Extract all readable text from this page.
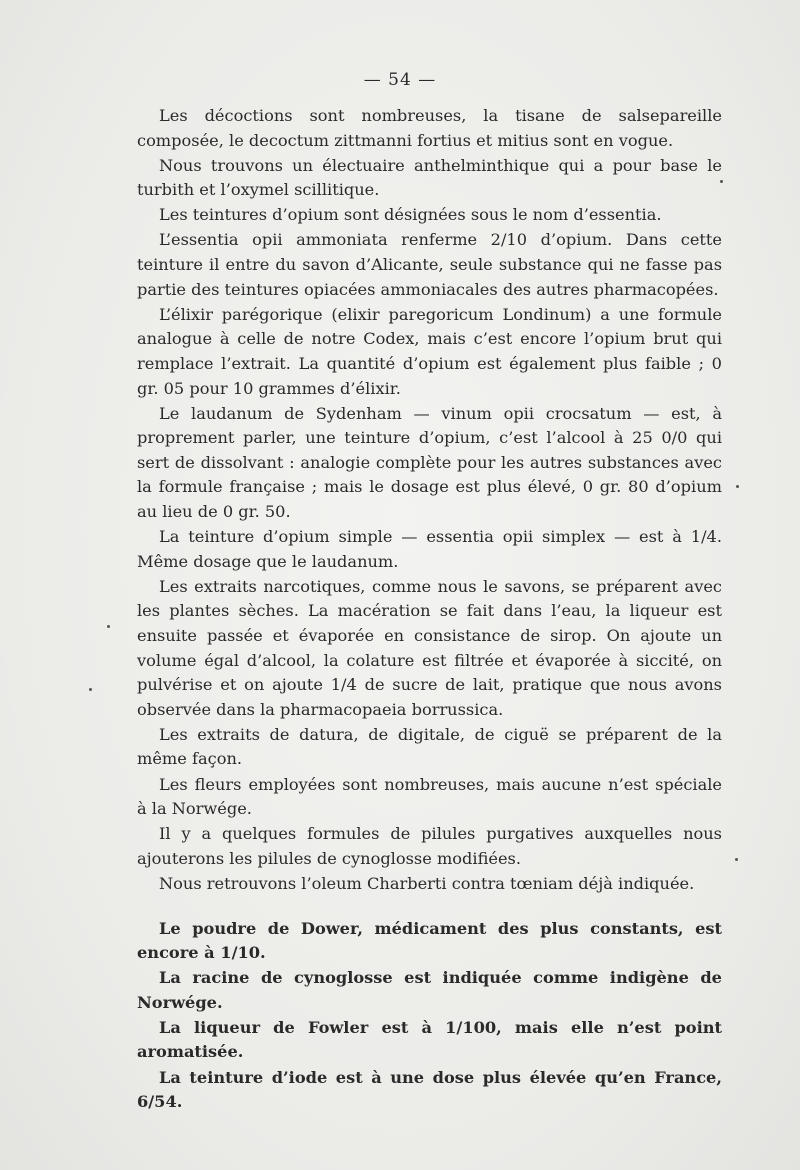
— 54 —

Les décoctions sont nombreuses, la tisane de salsepareille composée, le decoctum zittmanni fortius et mitius sont en vogue.

Nous trouvons un électuaire anthelminthique qui a pour base le turbith et l’oxymel scillitique.

Les teintures d’opium sont désignées sous le nom d’essentia.

L’essentia opii ammoniata renferme 2/10 d’opium. Dans cette teinture il entre du savon d’Alicante, seule substance qui ne fasse pas partie des teintures opiacées ammoniacales des autres pharmacopées.

L’élixir parégorique (elixir paregoricum Londinum) a une formule analogue à celle de notre Codex, mais c’est encore l’opium brut qui remplace l’extrait. La quantité d’opium est également plus faible ; 0 gr. 05 pour 10 grammes d’élixir.

Le laudanum de Sydenham — vinum opii crocsatum — est, à proprement parler, une teinture d’opium, c’est l’alcool à 25 0/0 qui sert de dissolvant : analogie complète pour les autres substances avec la formule française ; mais le dosage est plus élevé, 0 gr. 80 d’opium au lieu de 0 gr. 50.

La teinture d’opium simple — essentia opii simplex — est à 1/4. Même dosage que le laudanum.

Les extraits narcotiques, comme nous le savons, se préparent avec les plantes sèches. La macération se fait dans l’eau, la liqueur est ensuite passée et évaporée en consistance de sirop. On ajoute un volume égal d’alcool, la colature est filtrée et évaporée à siccité, on pulvérise et on ajoute 1/4 de sucre de lait, pratique que nous avons observée dans la pharmacopaeia borrussica.

Les extraits de datura, de digitale, de ciguë se préparent de la même façon.

Les fleurs employées sont nombreuses, mais aucune n’est spéciale à la Norwége.

Il y a quelques formules de pilules purgatives auxquelles nous ajouterons les pilules de cynoglosse modifiées.

Nous retrouvons l’oleum Charberti contra tœniam déjà indiquée.

Le poudre de Dower, médicament des plus constants, est encore à 1/10.

La racine de cynoglosse est indiquée comme indigène de Norwége.

La liqueur de Fowler est à 1/100, mais elle n’est point aromatisée.

La teinture d’iode est à une dose plus élevée qu’en France, 6/54.
